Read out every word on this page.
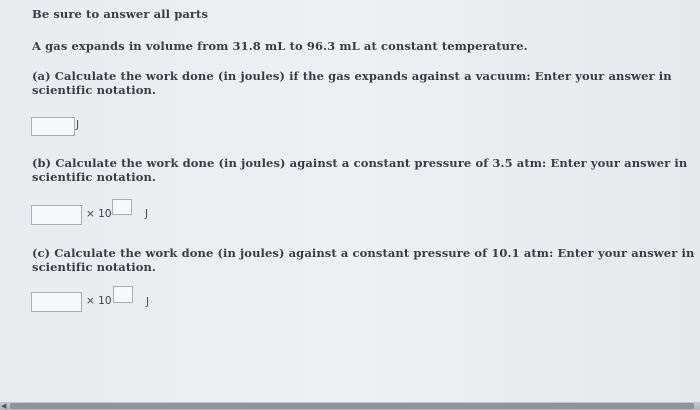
Be sure to answer all parts
A gas expands in volume from 31.8 mL to 96.3 mL at constant temperature.
(a) Calculate the work done (in joules) if the gas expands against a vacuum: Enter your answer in
scientific notation.
J
(b) Calculate the work done (in joules) against a constant pressure of 3.5 atm: Enter your answer in
scientific notation.
× 10	J
(c) Calculate the work done (in joules) against a constant pressure of 10.1 atm: Enter your answer in
scientific notation.
× 10	J
◀
